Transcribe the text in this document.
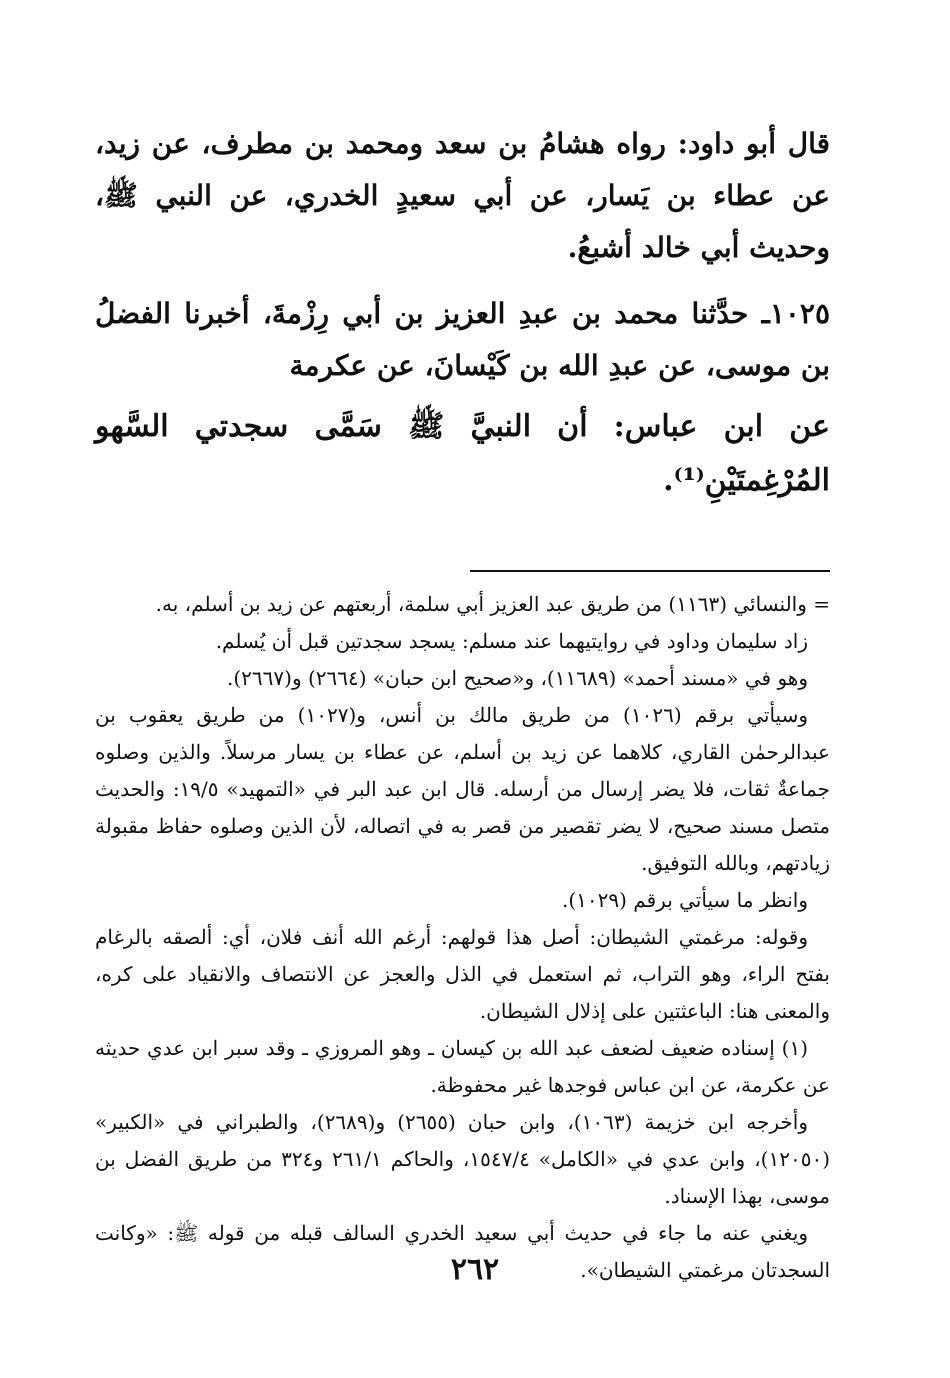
قال أبو داود: رواه هشامُ بن سعد ومحمد بن مطرف، عن زيد، عن عطاء بن يَسار، عن أبي سعيدٍ الخدري، عن النبي ﷺ، وحديث أبي خالد أشبعُ.

١٠٢٥ـ حدَّثنا محمد بن عبدِ العزيز بن أبي رِزْمةَ، أخبرنا الفضلُ بن موسى، عن عبدِ الله بن كَيْسانَ، عن عكرمة

عن ابن عباس: أن النبيَّ ﷺ سَمَّى سجدتي السَّهو المُرْغِمتَيْنِ⁽¹⁾.

= والنسائي (١١٦٣) من طريق عبد العزيز أبي سلمة، أربعتهم عن زيد بن أسلم، به.

زاد سليمان وداود في روايتيهما عند مسلم: يسجد سجدتين قبل أن يُسلم.

وهو في «مسند أحمد» (١١٦٨٩)، و«صحيح ابن حبان» (٢٦٦٤) و(٢٦٦٧).

وسيأتي برقم (١٠٢٦) من طريق مالك بن أنس، و(١٠٢٧) من طريق يعقوب بن عبدالرحمٰن القاري، كلاهما عن زيد بن أسلم، عن عطاء بن يسار مرسلاً. والذين وصلوه جماعةٌ ثقات، فلا يضر إرسال من أرسله. قال ابن عبد البر في «التمهيد» ١٩/٥: والحديث متصل مسند صحيح، لا يضر تقصير من قصر به في اتصاله، لأن الذين وصلوه حفاظ مقبولة زيادتهم، وبالله التوفيق.

وانظر ما سيأتي برقم (١٠٢٩).

وقوله: مرغمتي الشيطان: أصل هذا قولهم: أرغم الله أنف فلان، أي: ألصقه بالرغام بفتح الراء، وهو التراب، ثم استعمل في الذل والعجز عن الانتصاف والانقياد على كره، والمعنى هنا: الباعثتين على إذلال الشيطان.

(١) إسناده ضعيف لضعف عبد الله بن كيسان ـ وهو المروزي ـ وقد سبر ابن عدي حديثه عن عكرمة، عن ابن عباس فوجدها غير محفوظة.

وأخرجه ابن خزيمة (١٠٦٣)، وابن حبان (٢٦٥٥) و(٢٦٨٩)، والطبراني في «الكبير» (١٢٠٥٠)، وابن عدي في «الكامل» ١٥٤٧/٤، والحاكم ٢٦١/١ و٣٢٤ من طريق الفضل بن موسى، بهذا الإسناد.

ويغني عنه ما جاء في حديث أبي سعيد الخدري السالف قبله من قوله ﷺ: «وكانت السجدتان مرغمتي الشيطان».

٢٦٢
